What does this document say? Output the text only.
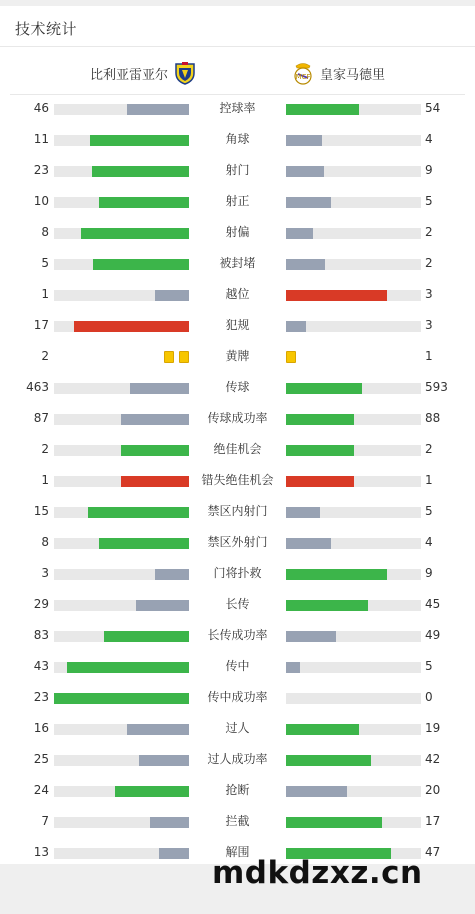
技术统计
比利亚雷亚尔	MCF 皇家马德里
46	控球率	54
11	角球	4
23	射门	9
10	射正	5
8	射偏	2
5	被封堵	2
1	越位	3
17	犯规	3
2	黄牌	1
463	传球	593
87	传球成功率	88
2	绝佳机会	2
1	错失绝佳机会	1
15	禁区内射门	5
8	禁区外射门	4
3	门将扑救	9
29	长传	45
83	长传成功率	49
43	传中	5
23	传中成功率	0
16	过人	19
25	过人成功率	42
24	抢断	20
7	拦截	17
13	解围	47
mdkdzxz.cn
